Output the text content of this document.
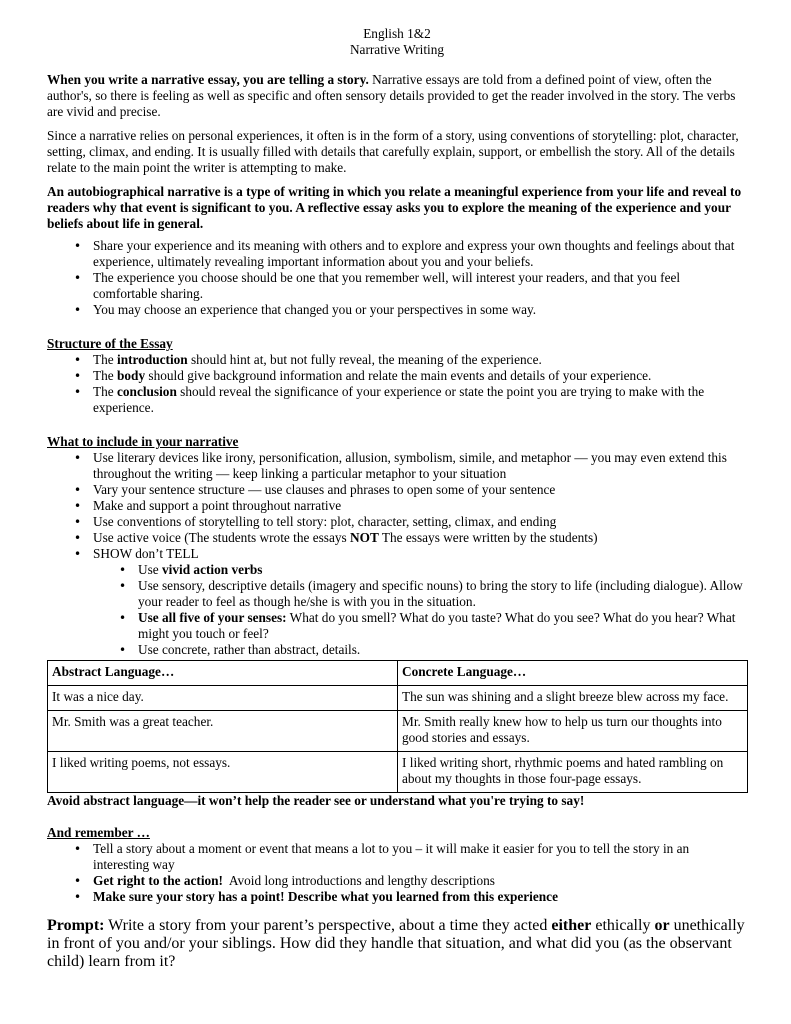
English 1&2
Narrative Writing

When you write a narrative essay, you are telling a story. Narrative essays are told from a defined point of view, often the author's, so there is feeling as well as specific and often sensory details provided to get the reader involved in the story. The verbs are vivid and precise.

Since a narrative relies on personal experiences, it often is in the form of a story, using conventions of storytelling: plot, character, setting, climax, and ending. It is usually filled with details that carefully explain, support, or embellish the story. All of the details relate to the main point the writer is attempting to make.

An autobiographical narrative is a type of writing in which you relate a meaningful experience from your life and reveal to readers why that event is significant to you. A reflective essay asks you to explore the meaning of the experience and your beliefs about life in general.

• Share your experience and its meaning with others and to explore and express your own thoughts and feelings about that experience, ultimately revealing important information about you and your beliefs.
• The experience you choose should be one that you remember well, will interest your readers, and that you feel comfortable sharing.
• You may choose an experience that changed you or your perspectives in some way.
Structure of the Essay
• The introduction should hint at, but not fully reveal, the meaning of the experience.
• The body should give background information and relate the main events and details of your experience.
• The conclusion should reveal the significance of your experience or state the point you are trying to make with the experience.
What to include in your narrative
• Use literary devices like irony, personification, allusion, symbolism, simile, and metaphor — you may even extend this throughout the writing — keep linking a particular metaphor to your situation
• Vary your sentence structure — use clauses and phrases to open some of your sentence
• Make and support a point throughout narrative
• Use conventions of storytelling to tell story: plot, character, setting, climax, and ending
• Use active voice (The students wrote the essays NOT The essays were written by the students)
• SHOW don’t TELL
• Use vivid action verbs
• Use sensory, descriptive details (imagery and specific nouns) to bring the story to life (including dialogue). Allow your reader to feel as though he/she is with you in the situation.
• Use all five of your senses: What do you smell? What do you taste? What do you see? What do you hear? What might you touch or feel?
• Use concrete, rather than abstract, details.
Abstract Language…	Concrete Language…
It was a nice day.	The sun was shining and a slight breeze blew across my face.
Mr. Smith was a great teacher.	Mr. Smith really knew how to help us turn our thoughts into good stories and essays.
I liked writing poems, not essays.	I liked writing short, rhythmic poems and hated rambling on about my thoughts in those four-page essays.

Avoid abstract language—it won’t help the reader see or understand what you're trying to say!

And remember …
• Tell a story about a moment or event that means a lot to you – it will make it easier for you to tell the story in an interesting way
• Get right to the action!  Avoid long introductions and lengthy descriptions
• Make sure your story has a point! Describe what you learned from this experience

Prompt: Write a story from your parent’s perspective, about a time they acted either ethically or unethically in front of you and/or your siblings. How did they handle that situation, and what did you (as the observant child) learn from it?
